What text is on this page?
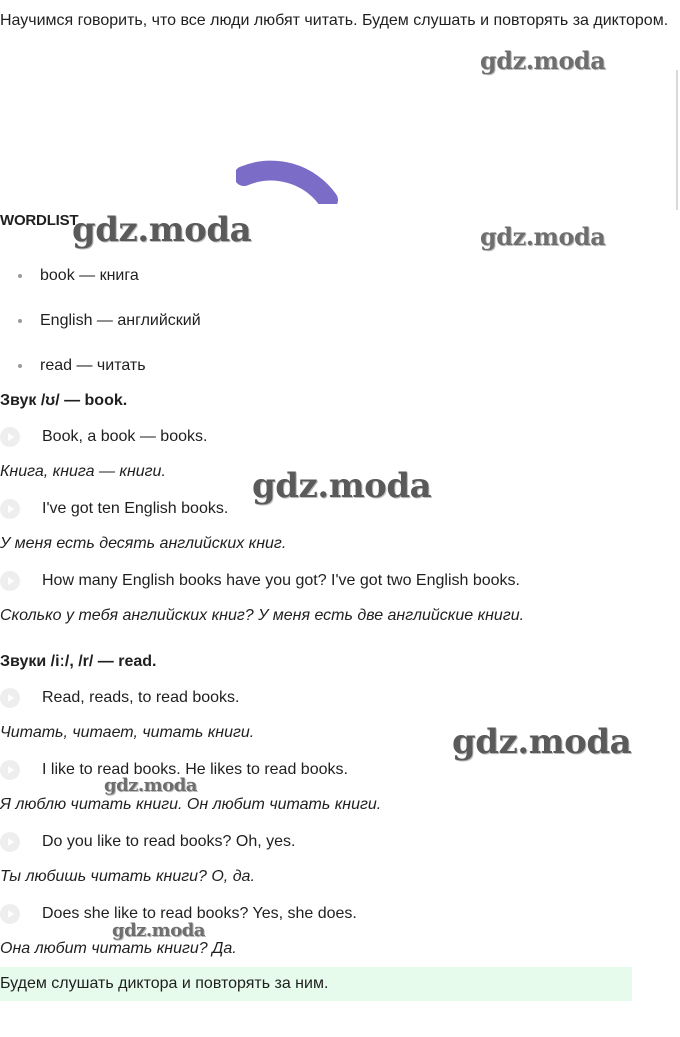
Научимся говорить, что все люди любят читать. Будем слушать и повторять за диктором.

WORDLIST
book — книга
English — английский
read — читать
Звук /ʊ/ — book.
Book, a book — books.
Книга, книга — книги.
I've got ten English books.
У меня есть десять английских книг.
How many English books have you got? I've got two English books.
Сколько у тебя английских книг? У меня есть две английские книги.
Звуки /iː/, /r/ — read.
Read, reads, to read books.
Читать, читает, читать книги.
I like to read books. He likes to read books.
Я люблю читать книги. Он любит читать книги.
Do you like to read books? Oh, yes.
Ты любишь читать книги? О, да.
Does she like to read books? Yes, she does.
Она любит читать книги? Да.
Будем слушать диктора и повторять за ним.
gdz.moda
gdz.moda	gdz.moda
gdz.moda
gdz.moda
gdz.moda
gdz.moda
